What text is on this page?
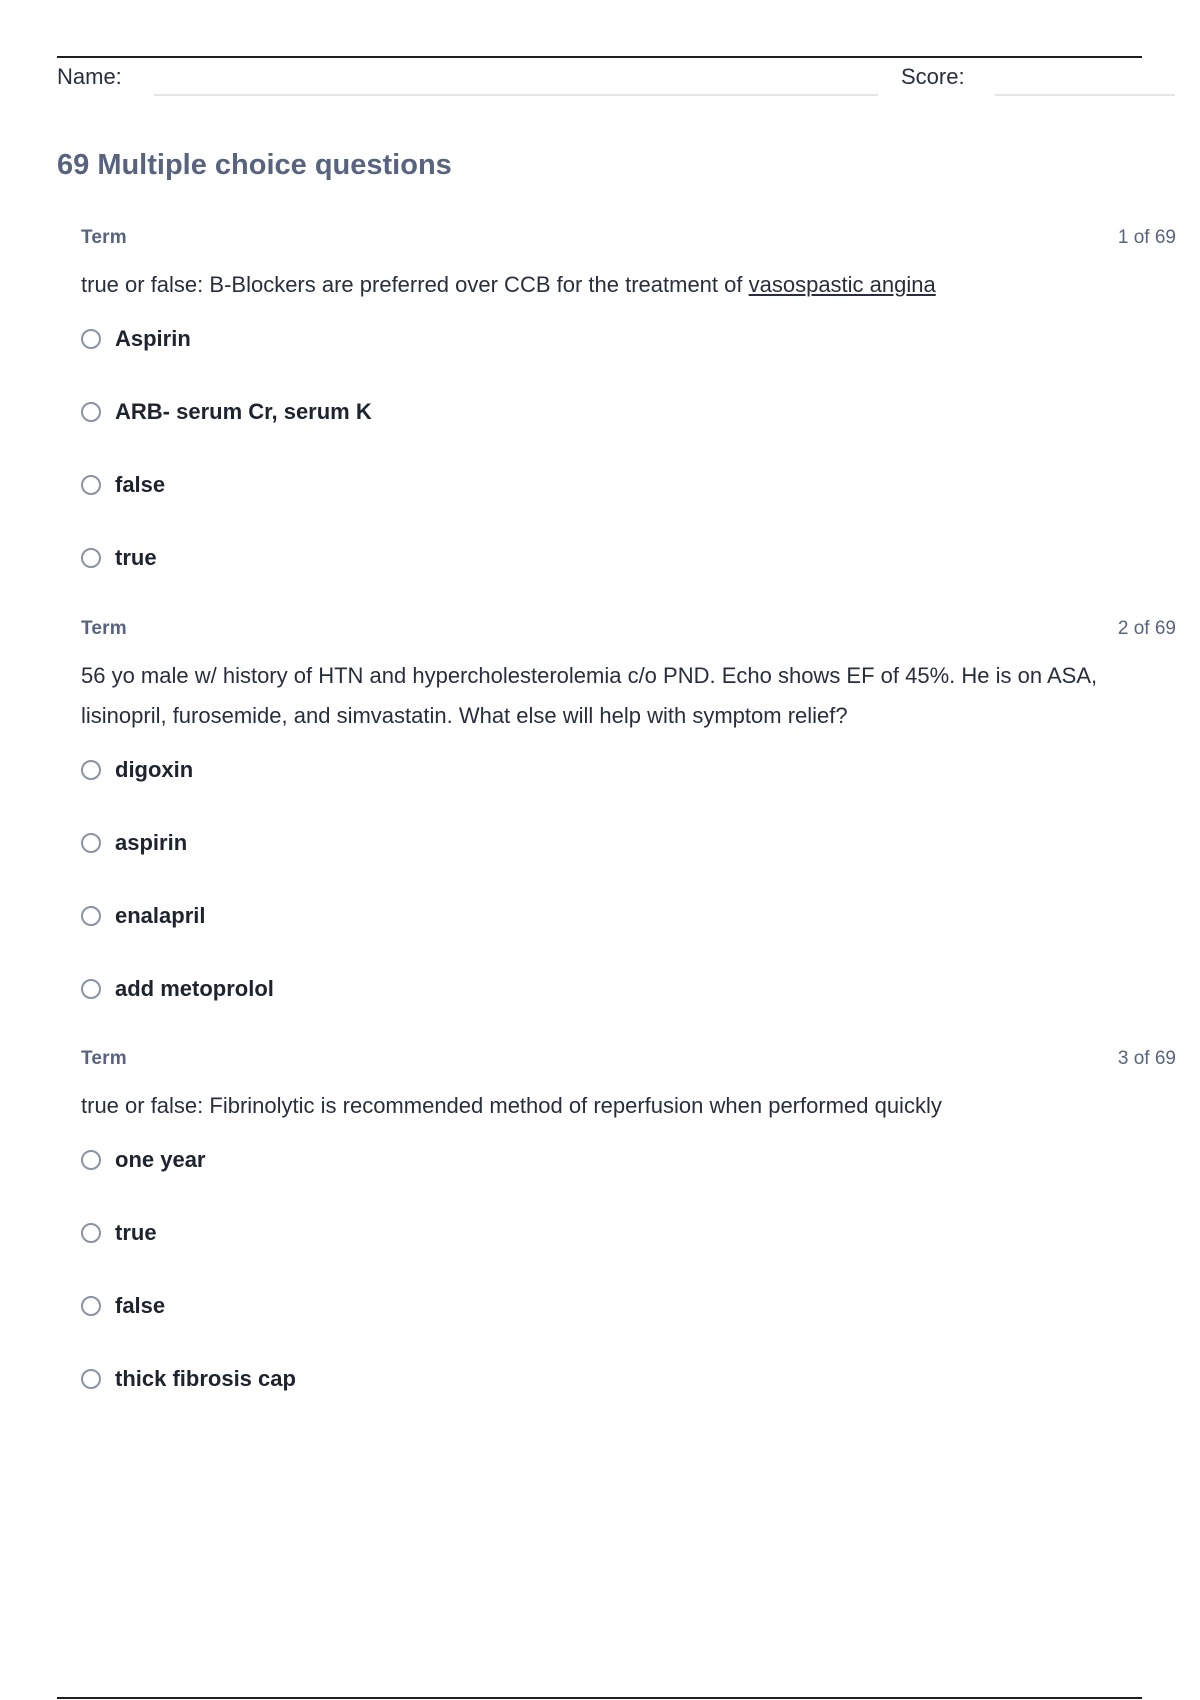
Name:	Score:
69 Multiple choice questions
Term	1 of 69
true or false: B-Blockers are preferred over CCB for the treatment of vasospastic angina
Aspirin
ARB- serum Cr, serum K
false
true
Term	2 of 69
56 yo male w/ history of HTN and hypercholesterolemia c/o PND. Echo shows EF of 45%. He is on ASA, lisinopril, furosemide, and simvastatin. What else will help with symptom relief?
digoxin
aspirin
enalapril
add metoprolol
Term	3 of 69
true or false: Fibrinolytic is recommended method of reperfusion when performed quickly
one year
true
false
thick fibrosis cap
